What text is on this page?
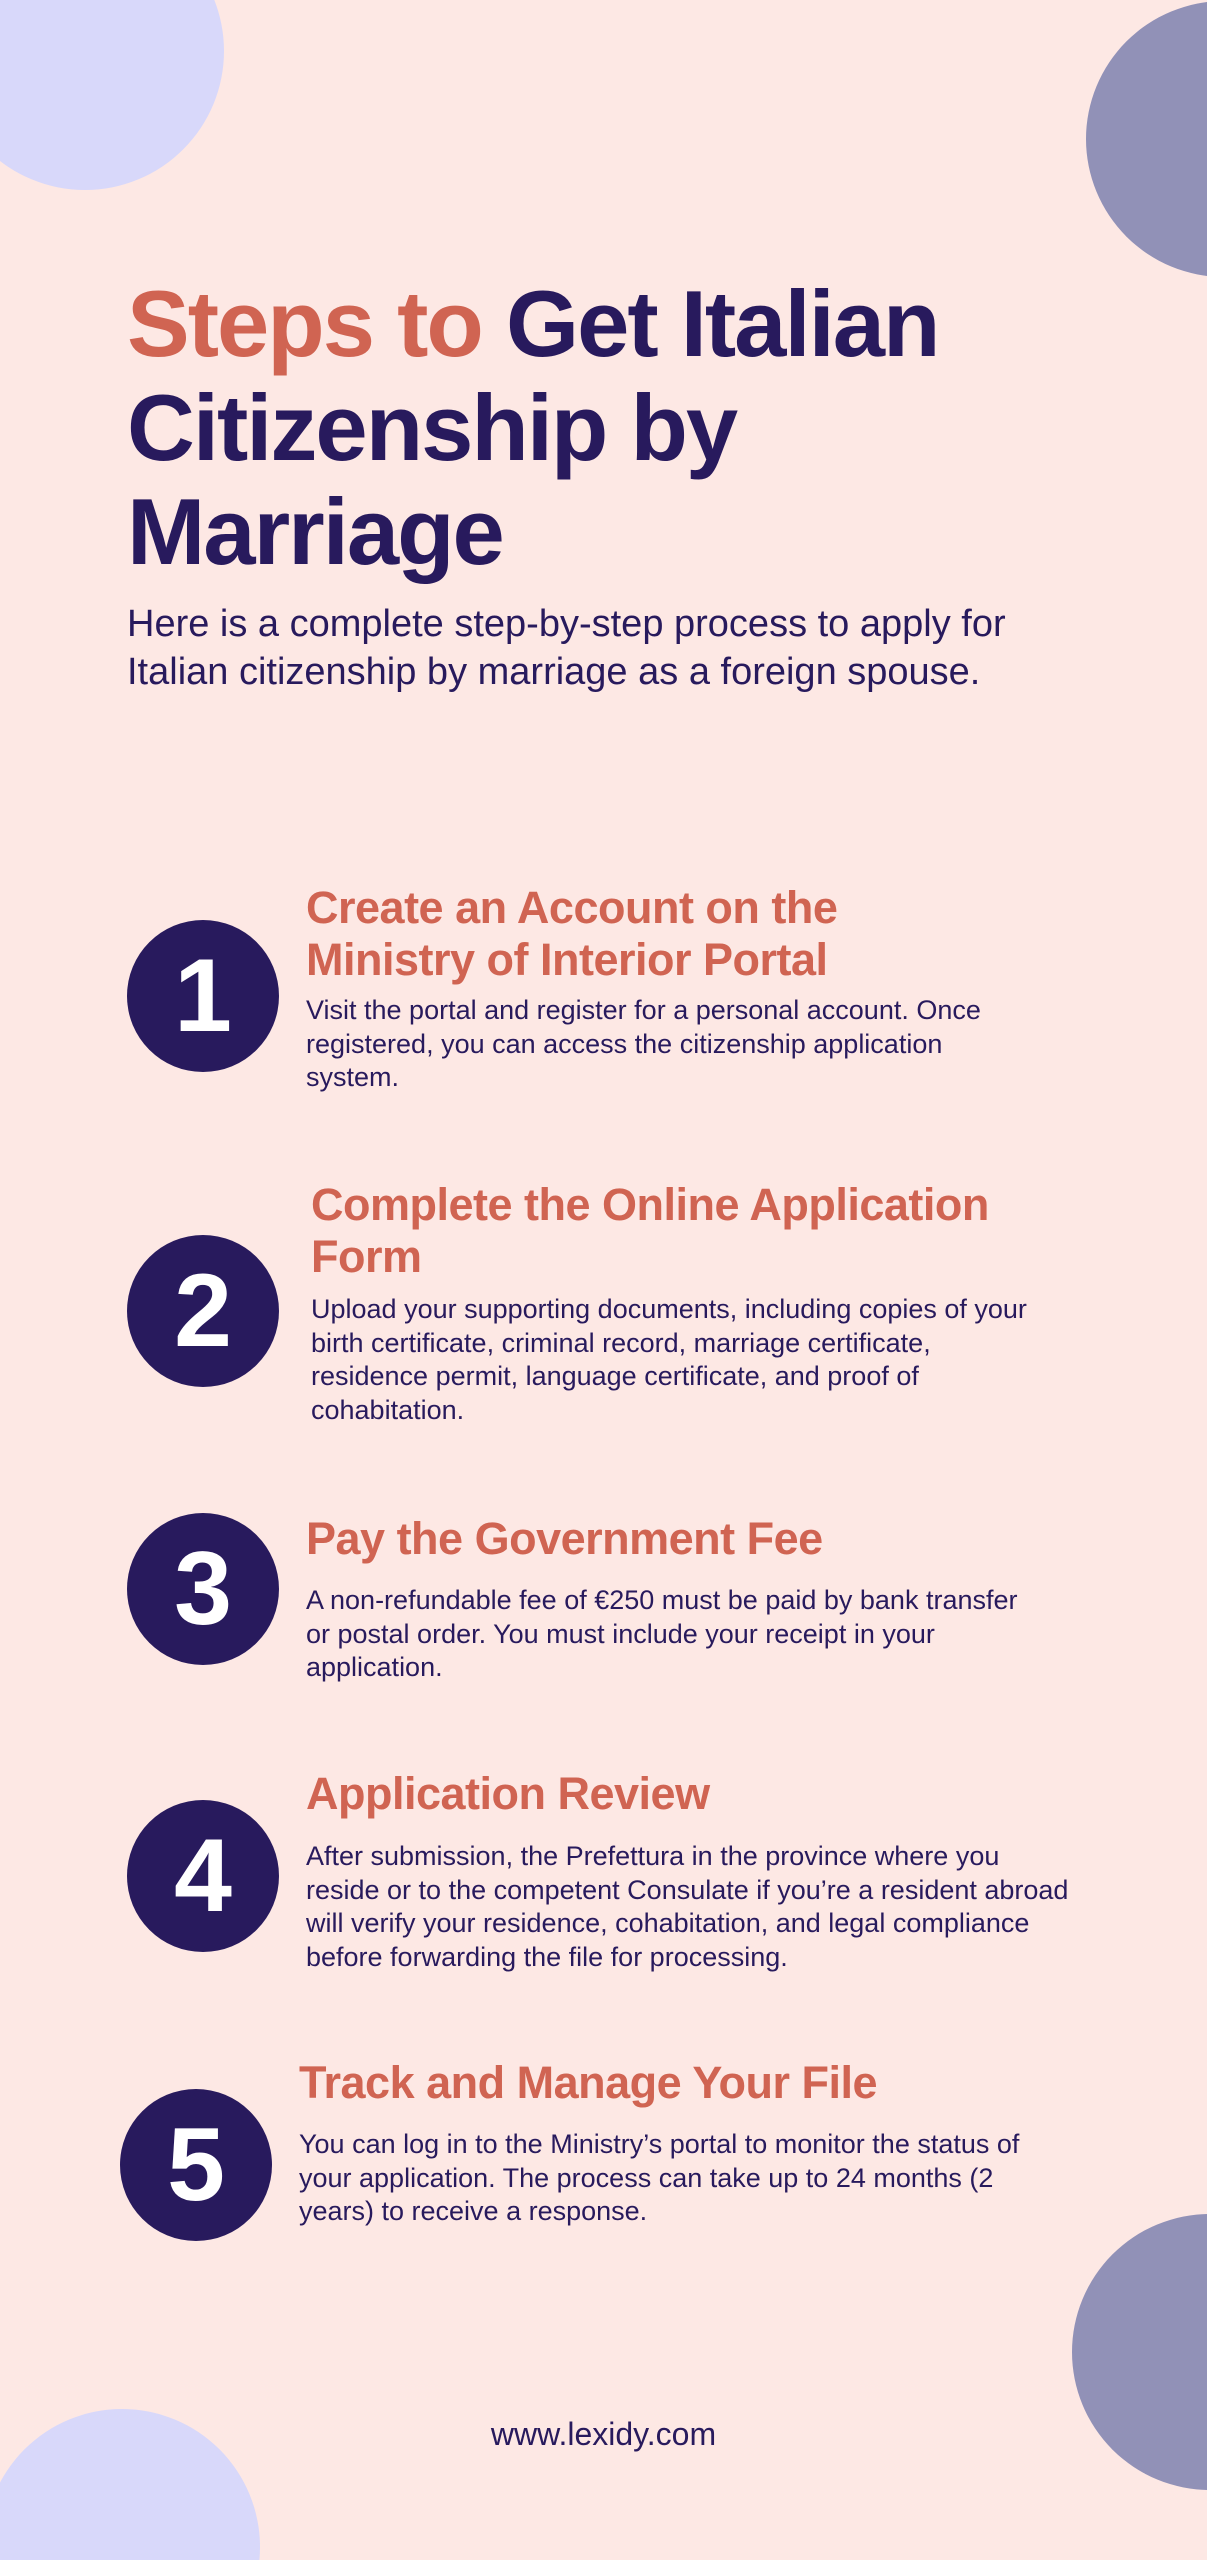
Steps to Get Italian Citizenship by Marriage

Here is a complete step-by-step process to apply for Italian citizenship by marriage as a foreign spouse.

1
Create an Account on the Ministry of Interior Portal

Visit the portal and register for a personal account. Once registered, you can access the citizenship application system.

2
Complete the Online Application Form

Upload your supporting documents, including copies of your birth certificate, criminal record, marriage certificate, residence permit, language certificate, and proof of cohabitation.

3	Pay the Government Fee

A non-refundable fee of €250 must be paid by bank transfer or postal order. You must include your receipt in your application.

4
Application Review

After submission, the Prefettura in the province where you reside or to the competent Consulate if you’re a resident abroad will verify your residence, cohabitation, and legal compliance before forwarding the file for processing.

5
Track and Manage Your File

You can log in to the Ministry’s portal to monitor the status of your application. The process can take up to 24 months (2 years) to receive a response.

www.lexidy.com
